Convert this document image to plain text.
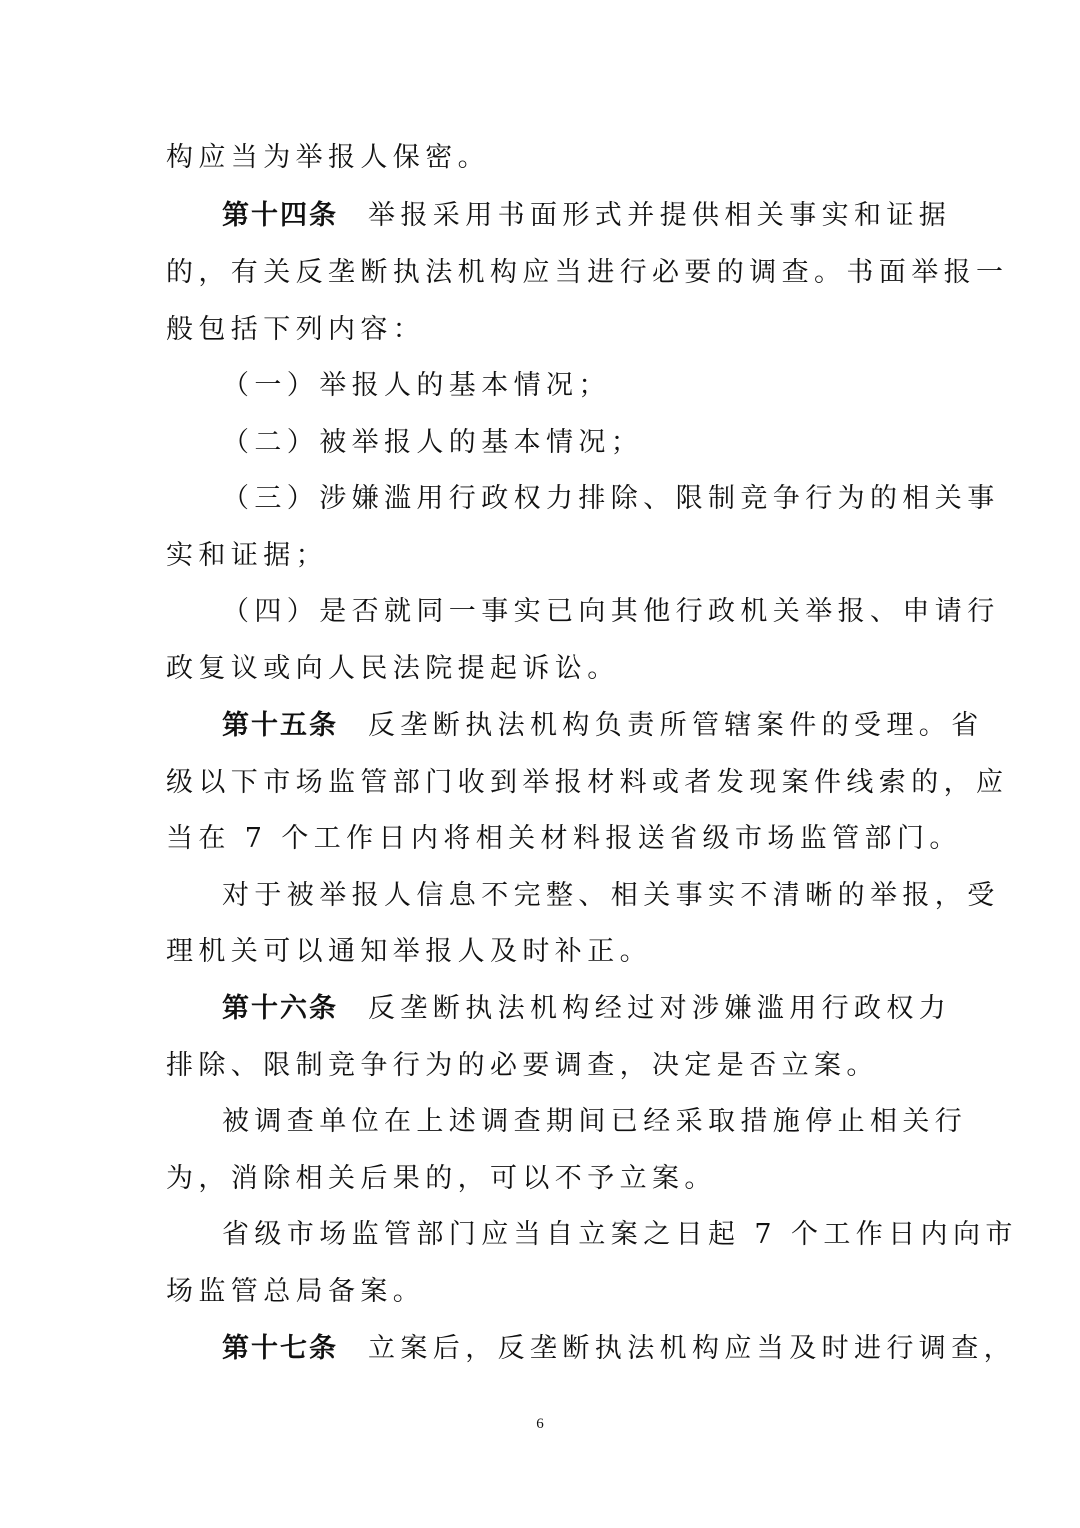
构应当为举报人保密。
第十四条 举报采用书面形式并提供相关事实和证据
的，有关反垄断执法机构应当进行必要的调查。书面举报一
般包括下列内容：
（一）举报人的基本情况；
（二）被举报人的基本情况；
（三）涉嫌滥用行政权力排除、限制竞争行为的相关事
实和证据；
（四）是否就同一事实已向其他行政机关举报、申请行
政复议或向人民法院提起诉讼。
第十五条 反垄断执法机构负责所管辖案件的受理。省
级以下市场监管部门收到举报材料或者发现案件线索的，应
当在 7 个工作日内将相关材料报送省级市场监管部门。
对于被举报人信息不完整、相关事实不清晰的举报，受
理机关可以通知举报人及时补正。
第十六条 反垄断执法机构经过对涉嫌滥用行政权力
排除、限制竞争行为的必要调查，决定是否立案。
被调查单位在上述调查期间已经采取措施停止相关行
为，消除相关后果的，可以不予立案。
省级市场监管部门应当自立案之日起 7 个工作日内向市
场监管总局备案。
第十七条 立案后，反垄断执法机构应当及时进行调查，
6
